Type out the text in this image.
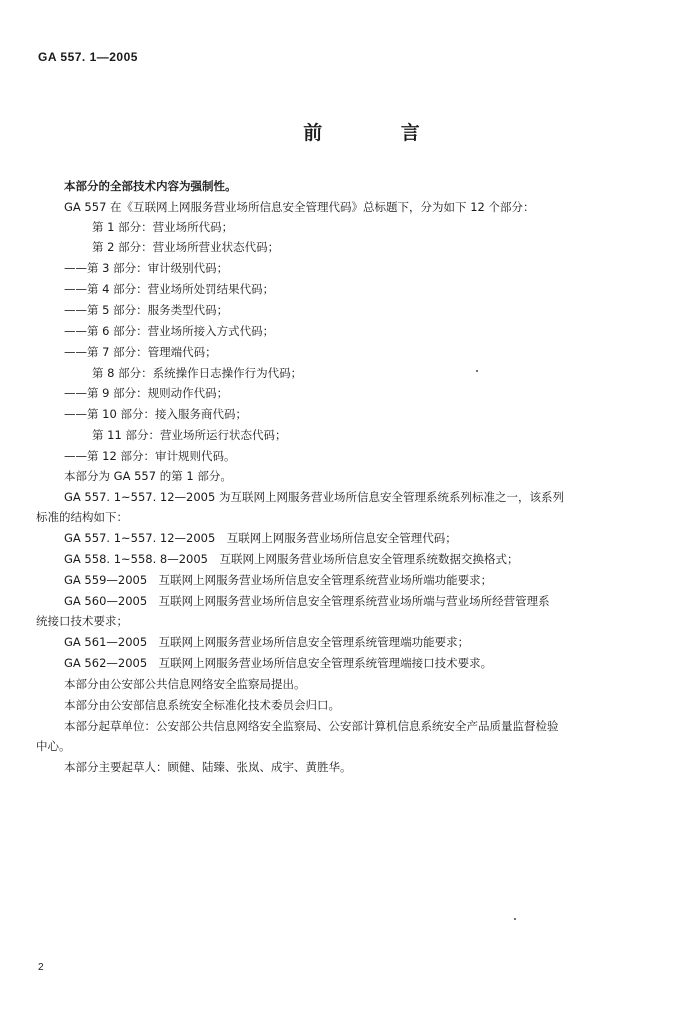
GA 557. 1—2005
前 言
本部分的全部技术内容为强制性。
GA 557 在《互联网上网服务营业场所信息安全管理代码》总标题下，分为如下 12 个部分：
第 1 部分：营业场所代码；
第 2 部分：营业场所营业状态代码；
——第 3 部分：审计级别代码；
——第 4 部分：营业场所处罚结果代码；
——第 5 部分：服务类型代码；
——第 6 部分：营业场所接入方式代码；
——第 7 部分：管理端代码；
第 8 部分：系统操作日志操作行为代码；
——第 9 部分：规则动作代码；
——第 10 部分：接入服务商代码；
第 11 部分：营业场所运行状态代码；
——第 12 部分：审计规则代码。
本部分为 GA 557 的第 1 部分。
GA 557. 1~557. 12—2005 为互联网上网服务营业场所信息安全管理系统系列标准之一，该系列
标准的结构如下：
GA 557. 1~557. 12—2005　互联网上网服务营业场所信息安全管理代码；
GA 558. 1~558. 8—2005　互联网上网服务营业场所信息安全管理系统数据交换格式；
GA 559—2005　互联网上网服务营业场所信息安全管理系统营业场所端功能要求；
GA 560—2005　互联网上网服务营业场所信息安全管理系统营业场所端与营业场所经营管理系
统接口技术要求；
GA 561—2005　互联网上网服务营业场所信息安全管理系统管理端功能要求；
GA 562—2005　互联网上网服务营业场所信息安全管理系统管理端接口技术要求。
本部分由公安部公共信息网络安全监察局提出。
本部分由公安部信息系统安全标准化技术委员会归口。
本部分起草单位：公安部公共信息网络安全监察局、公安部计算机信息系统安全产品质量监督检验
中心。
本部分主要起草人：顾健、陆臻、张岚、成宇、黄胜华。
2
